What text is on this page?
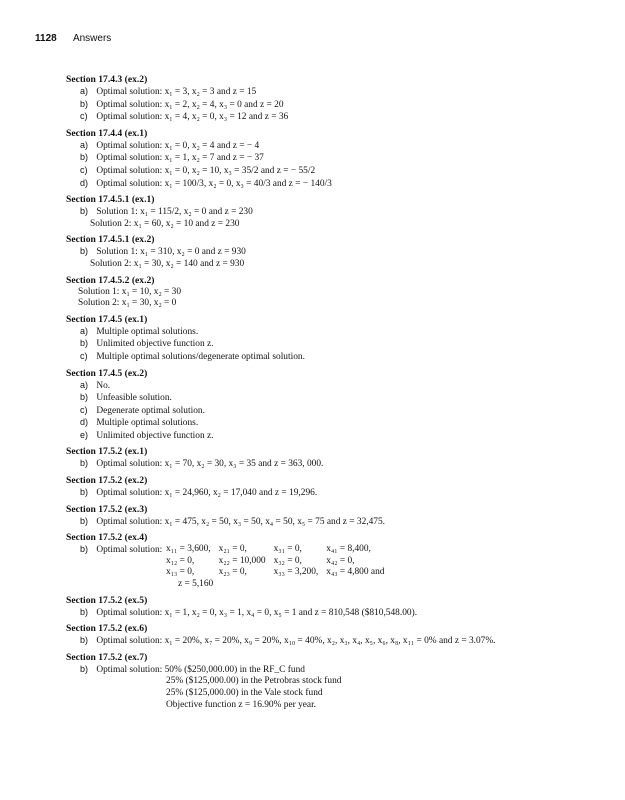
1128 Answers
Section 17.4.3 (ex.2)
a) Optimal solution: x₁ = 3, x₂ = 3 and z = 15
b) Optimal solution: x₁ = 2, x₂ = 4, x₃ = 0 and z = 20
c) Optimal solution: x₁ = 4, x₂ = 0, x₃ = 12 and z = 36
Section 17.4.4 (ex.1)
a) Optimal solution: x₁ = 0, x₂ = 4 and z = − 4
b) Optimal solution: x₁ = 1, x₂ = 7 and z = − 37
c) Optimal solution: x₁ = 0, x₂ = 10, x₃ = 35/2 and z = − 55/2
d) Optimal solution: x₁ = 100/3, x₂ = 0, x₃ = 40/3 and z = − 140/3
Section 17.4.5.1 (ex.1)
b) Solution 1: x₁ = 115/2, x₂ = 0 and z = 230
Solution 2: x₁ = 60, x₂ = 10 and z = 230
Section 17.4.5.1 (ex.2)
b) Solution 1: x₁ = 310, x₂ = 0 and z = 930
Solution 2: x₁ = 30, x₂ = 140 and z = 930
Section 17.4.5.2 (ex.2)
Solution 1: x₁ = 10, x₂ = 30
Solution 2: x₁ = 30, x₂ = 0
Section 17.4.5 (ex.1)
a) Multiple optimal solutions.
b) Unlimited objective function z.
c) Multiple optimal solutions/degenerate optimal solution.
Section 17.4.5 (ex.2)
a) No.
b) Unfeasible solution.
c) Degenerate optimal solution.
d) Multiple optimal solutions.
e) Unlimited objective function z.
Section 17.5.2 (ex.1)
b) Optimal solution: x₁ = 70, x₂ = 30, x₃ = 35 and z = 363, 000.
Section 17.5.2 (ex.2)
b) Optimal solution: x₁ = 24,960, x₂ = 17,040 and z = 19,296.
Section 17.5.2 (ex.3)
b) Optimal solution: x₁ = 475, x₂ = 50, x₃ = 50, x₄ = 50, x₅ = 75 and z = 32,475.
Section 17.5.2 (ex.4)
b) Optimal solution: x₁₁ = 3,600,	x₂₁ = 0,	x₃₁ = 0,	x₄₁ = 8,400,
x₁₂ = 0,	x₂₂ = 10,000	x₃₂ = 0,	x₄₂ = 0,
x₁₃ = 0,	x₂₃ = 0,	x₃₃ = 3,200,	x₄₃ = 4,800 and
z = 5,160
Section 17.5.2 (ex.5)
b) Optimal solution: x₁ = 1, x₂ = 0, x₃ = 1, x₄ = 0, x₅ = 1 and z = 810,548 ($810,548.00).
Section 17.5.2 (ex.6)
b) Optimal solution: x₁ = 20%, x₇ = 20%, x₉ = 20%, x₁₀ = 40%, x₂, x₃, x₄, x₅, x₆, x₈, x₁₁ = 0% and z = 3.07%.
Section 17.5.2 (ex.7)
b) Optimal solution: 50% ($250,000.00) in the RF_C fund
25% ($125,000.00) in the Petrobras stock fund
25% ($125,000.00) in the Vale stock fund
Objective function z = 16.90% per year.
